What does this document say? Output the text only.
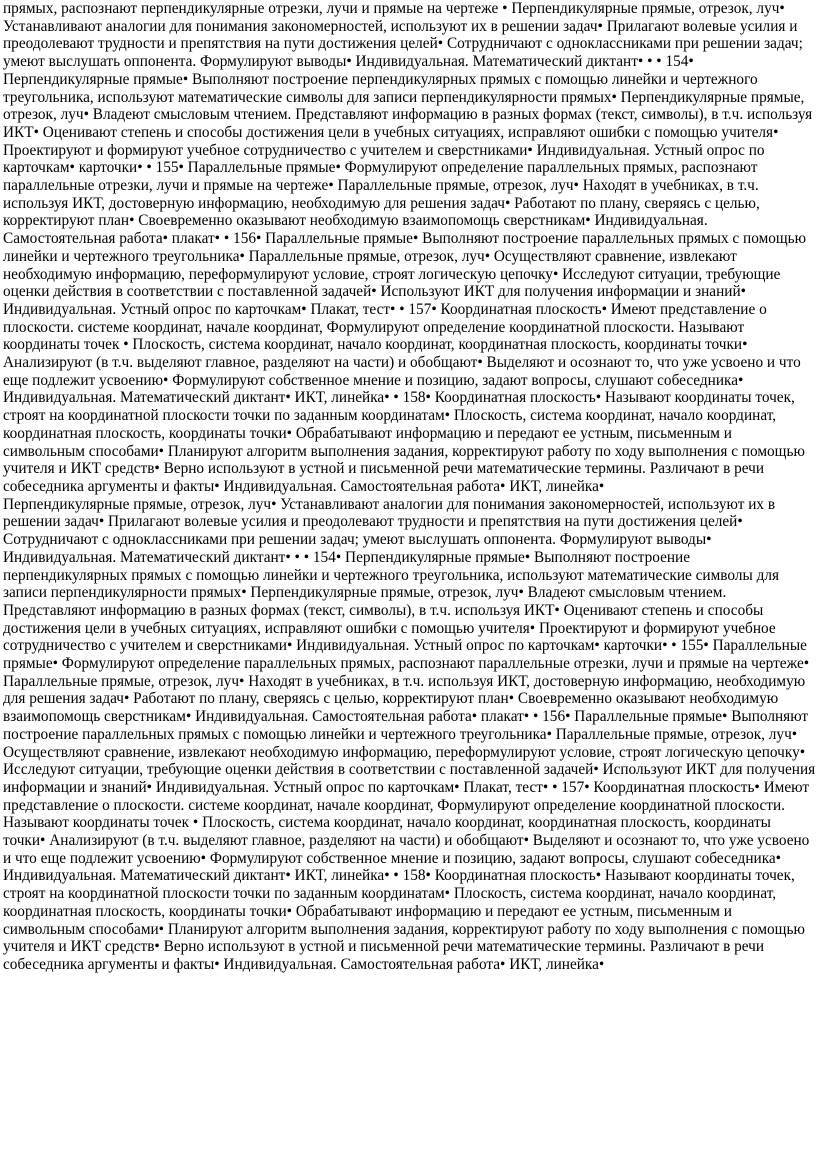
прямых, распознают перпендикулярные отрезки, лучи и прямые на чертеже • Перпендикулярные прямые, отрезок, луч• Устанавливают аналогии для понимания закономерностей, используют их в решении задач• Прилагают волевые усилия и преодолевают трудности и препятствия на пути достижения целей• Сотрудничают с одноклассниками при решении задач; умеют выслушать оппонента. Формулируют выводы• Индивидуальная. Математический диктант• • • 154• Перпендикулярные прямые• Выполняют построение перпендикулярных прямых с помощью линейки и чертежного треугольника, используют математические символы для записи перпендикулярности прямых• Перпендикулярные прямые, отрезок, луч• Владеют смысловым чтением. Представляют информацию в разных формах (текст, символы), в т.ч. используя ИКТ• Оценивают степень и способы достижения цели в учебных ситуациях, исправляют ошибки с помощью учителя• Проектируют и формируют учебное сотрудничество с учителем и сверстниками• Индивидуальная. Устный опрос по карточкам• карточки• • 155• Параллельные прямые• Формулируют определение параллельных прямых, распознают параллельные отрезки, лучи и прямые на чертеже• Параллельные прямые, отрезок, луч• Находят в учебниках, в т.ч. используя ИКТ, достоверную информацию, необходимую для решения задач• Работают по плану, сверяясь с целью, корректируют план• Своевременно оказывают необходимую взаимопомощь сверстникам• Индивидуальная. Самостоятельная работа• плакат• • 156• Параллельные прямые• Выполняют построение параллельных прямых с помощью линейки и чертежного треугольника• Параллельные прямые, отрезок, луч• Осуществляют сравнение, извлекают необходимую информацию, переформулируют условие, строят логическую цепочку• Исследуют ситуации, требующие оценки действия в соответствии с поставленной задачей• Используют ИКТ для получения информации и знаний• Индивидуальная. Устный опрос по карточкам• Плакат, тест• • 157• Координатная плоскость• Имеют представление о плоскости. системе координат, начале координат, Формулируют определение координатной плоскости. Называют координаты точек • Плоскость, система координат, начало координат, координатная плоскость, координаты точки• Анализируют (в т.ч. выделяют главное, разделяют на части) и обобщают• Выделяют и осознают то, что уже усвоено и что еще подлежит усвоению• Формулируют собственное мнение и позицию, задают вопросы, слушают собеседника• Индивидуальная. Математический диктант• ИКТ, линейка• • 158• Координатная плоскость• Называют координаты точек, строят на координатной плоскости точки по заданным координатам• Плоскость, система координат, начало координат, координатная плоскость, координаты точки• Обрабатывают информацию и передают ее устным, письменным и символьным способами• Планируют алгоритм выполнения задания, корректируют работу по ходу выполнения с помощью учителя и ИКТ средств• Верно используют в устной и письменной речи математические термины. Различают в речи собеседника аргументы и факты• Индивидуальная. Самостоятельная работа• ИКТ, линейка•

Перпендикулярные прямые, отрезок, луч• Устанавливают аналогии для понимания закономерностей, используют их в решении задач• Прилагают волевые усилия и преодолевают трудности и препятствия на пути достижения целей• Сотрудничают с одноклассниками при решении задач; умеют выслушать оппонента. Формулируют выводы• Индивидуальная. Математический диктант• • • 154• Перпендикулярные прямые• Выполняют построение перпендикулярных прямых с помощью линейки и чертежного треугольника, используют математические символы для записи перпендикулярности прямых• Перпендикулярные прямые, отрезок, луч• Владеют смысловым чтением. Представляют информацию в разных формах (текст, символы), в т.ч. используя ИКТ• Оценивают степень и способы достижения цели в учебных ситуациях, исправляют ошибки с помощью учителя• Проектируют и формируют учебное сотрудничество с учителем и сверстниками• Индивидуальная. Устный опрос по карточкам• карточки• • 155• Параллельные прямые• Формулируют определение параллельных прямых, распознают параллельные отрезки, лучи и прямые на чертеже• Параллельные прямые, отрезок, луч• Находят в учебниках, в т.ч. используя ИКТ, достоверную информацию, необходимую для решения задач• Работают по плану, сверяясь с целью, корректируют план• Своевременно оказывают необходимую взаимопомощь сверстникам• Индивидуальная. Самостоятельная работа• плакат• • 156• Параллельные прямые• Выполняют построение параллельных прямых с помощью линейки и чертежного треугольника• Параллельные прямые, отрезок, луч• Осуществляют сравнение, извлекают необходимую информацию, переформулируют условие, строят логическую цепочку• Исследуют ситуации, требующие оценки действия в соответствии с поставленной задачей• Используют ИКТ для получения информации и знаний• Индивидуальная. Устный опрос по карточкам• Плакат, тест• • 157• Координатная плоскость• Имеют представление о плоскости. системе координат, начале координат, Формулируют определение координатной плоскости. Называют координаты точек • Плоскость, система координат, начало координат, координатная плоскость, координаты точки• Анализируют (в т.ч. выделяют главное, разделяют на части) и обобщают• Выделяют и осознают то, что уже усвоено и что еще подлежит усвоению• Формулируют собственное мнение и позицию, задают вопросы, слушают собеседника• Индивидуальная. Математический диктант• ИКТ, линейка• • 158• Координатная плоскость• Называют координаты точек, строят на координатной плоскости точки по заданным координатам• Плоскость, система координат, начало координат, координатная плоскость, координаты точки• Обрабатывают информацию и передают ее устным, письменным и символьным способами• Планируют алгоритм выполнения задания, корректируют работу по ходу выполнения с помощью учителя и ИКТ средств• Верно используют в устной и письменной речи математические термины. Различают в речи собеседника аргументы и факты• Индивидуальная. Самостоятельная работа• ИКТ, линейка•
